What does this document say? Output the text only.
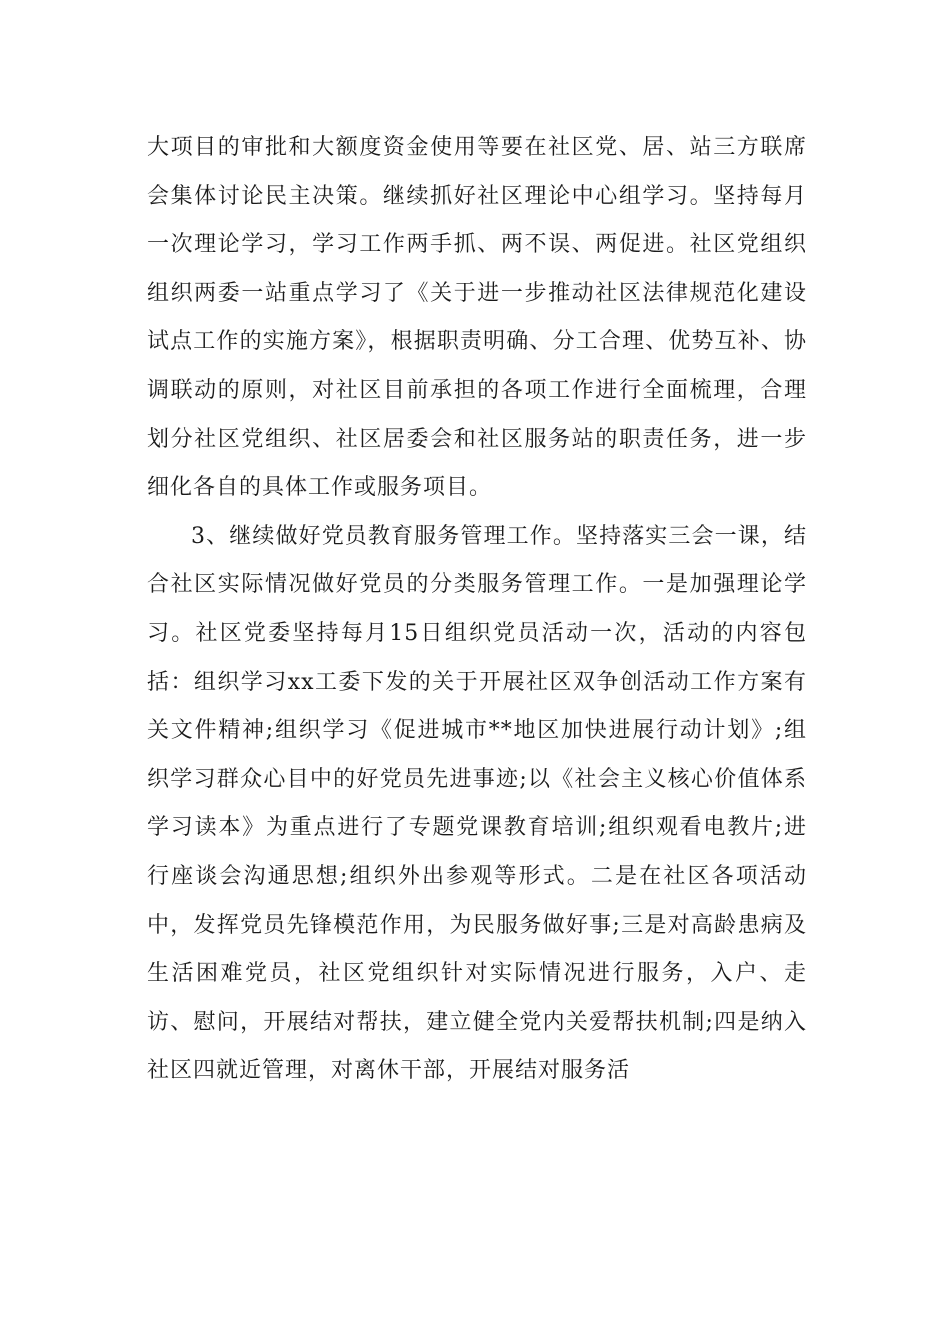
大项目的审批和大额度资金使用等要在社区党、居、站三方联席会集体讨论民主决策。继续抓好社区理论中心组学习。坚持每月一次理论学习，学习工作两手抓、两不误、两促进。社区党组织组织两委一站重点学习了《关于进一步推动社区法律规范化建设试点工作的实施方案》，根据职责明确、分工合理、优势互补、协调联动的原则，对社区目前承担的各项工作进行全面梳理，合理划分社区党组织、社区居委会和社区服务站的职责任务，进一步细化各自的具体工作或服务项目。

3、继续做好党员教育服务管理工作。坚持落实三会一课，结合社区实际情况做好党员的分类服务管理工作。一是加强理论学习。社区党委坚持每月15日组织党员活动一次，活动的内容包括：组织学习xx工委下发的关于开展社区双争创活动工作方案有关文件精神;组织学习《促进城市**地区加快进展行动计划》;组织学习群众心目中的好党员先进事迹;以《社会主义核心价值体系学习读本》为重点进行了专题党课教育培训;组织观看电教片;进行座谈会沟通思想;组织外出参观等形式。二是在社区各项活动中，发挥党员先锋模范作用，为民服务做好事;三是对高龄患病及生活困难党员，社区党组织针对实际情况进行服务，入户、走访、慰问，开展结对帮扶，建立健全党内关爱帮扶机制;四是纳入社区四就近管理，对离休干部，开展结对服务活
